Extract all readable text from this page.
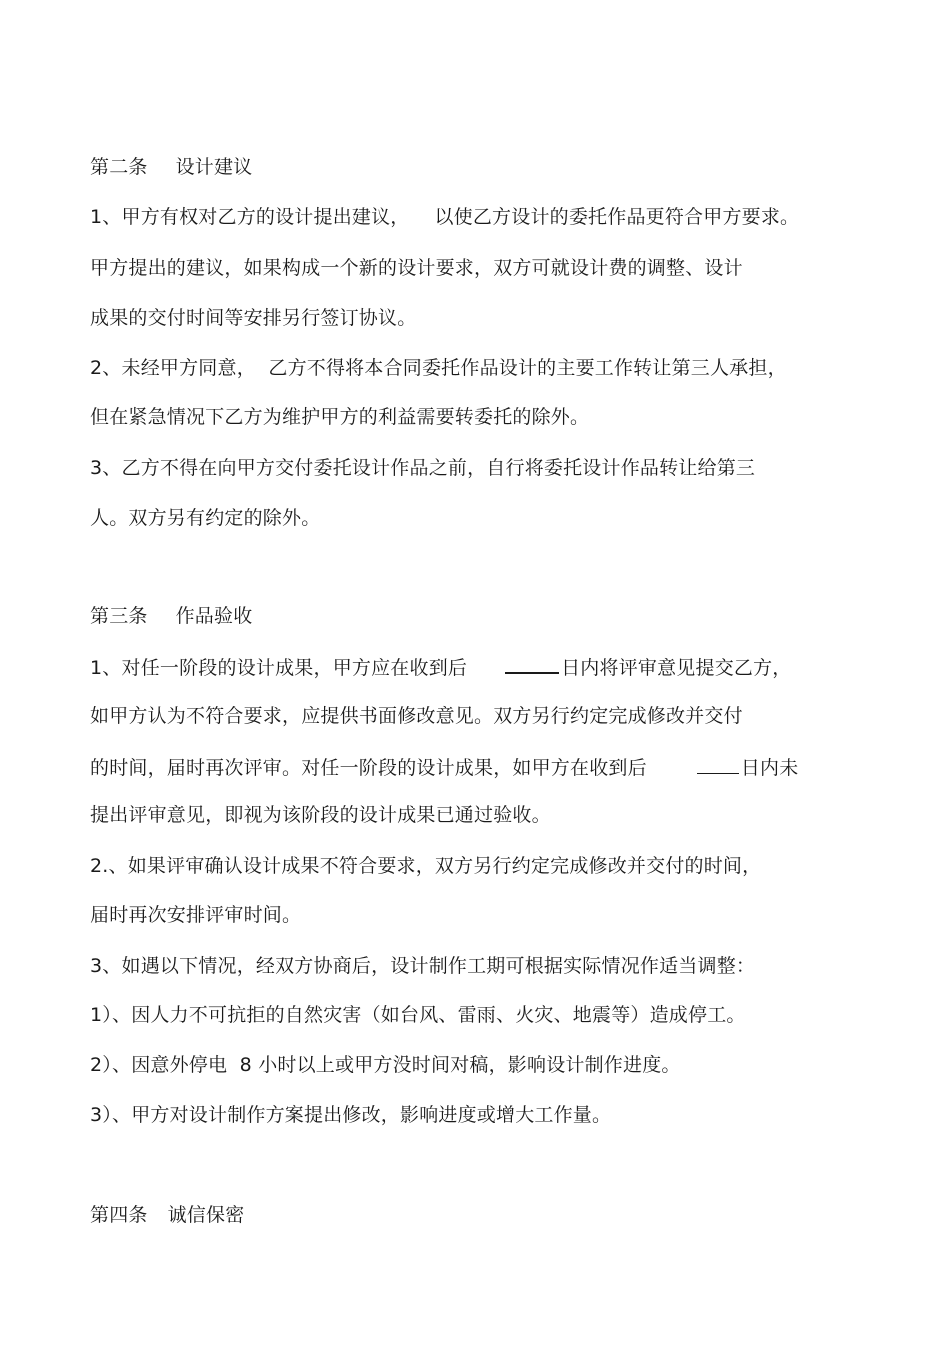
第二条 设计建议
1、甲方有权对乙方的设计提出建议，    以使乙方设计的委托作品更符合甲方要求。
甲方提出的建议，如果构成一个新的设计要求，双方可就设计费的调整、设计
成果的交付时间等安排另行签订协议。
2、未经甲方同意，  乙方不得将本合同委托作品设计的主要工作转让第三人承担，
但在紧急情况下乙方为维护甲方的利益需要转委托的除外。
3、乙方不得在向甲方交付委托设计作品之前，自行将委托设计作品转让给第三
人。双方另有约定的除外。
第三条 作品验收
1、对任一阶段的设计成果，甲方应在收到后	日内将评审意见提交乙方，
如甲方认为不符合要求，应提供书面修改意见。双方另行约定完成修改并交付
的时间，届时再次评审。对任一阶段的设计成果，如甲方在收到后	日内未
提出评审意见，即视为该阶段的设计成果已通过验收。
2.、如果评审确认设计成果不符合要求，双方另行约定完成修改并交付的时间，
届时再次安排评审时间。
3、如遇以下情况，经双方协商后，设计制作工期可根据实际情况作适当调整：
1）、因人力不可抗拒的自然灾害（如台风、雷雨、火灾、地震等）造成停工。
2）、因意外停电  8 小时以上或甲方没时间对稿，影响设计制作进度。
3）、甲方对设计制作方案提出修改，影响进度或增大工作量。
第四条 诚信保密
